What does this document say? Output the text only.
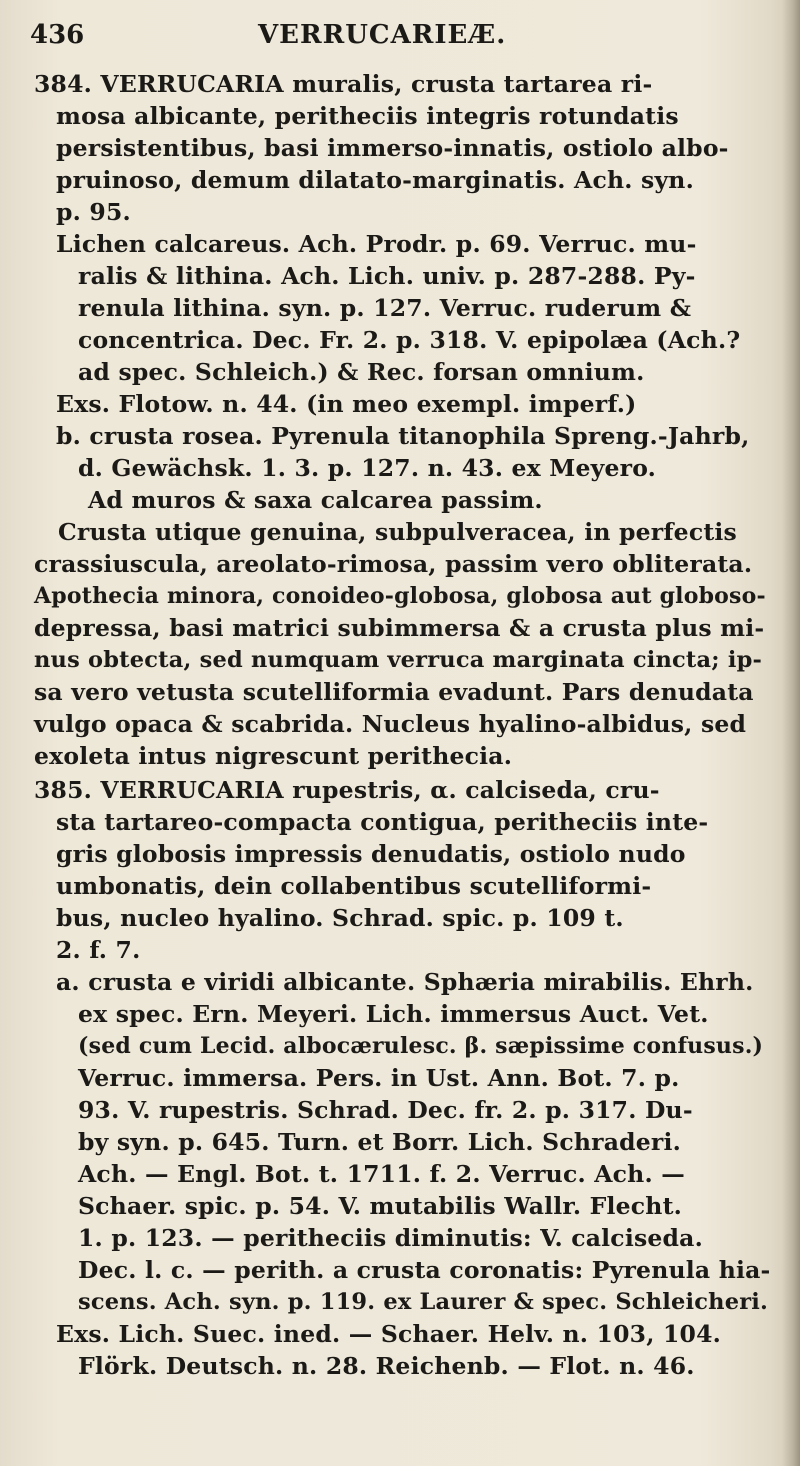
436	VERRUCARIEÆ.
384. VERRUCARIA muralis, crusta tartarea ri-
mosa albicante, peritheciis integris rotundatis
persistentibus, basi immerso-innatis, ostiolo albo-
pruinoso, demum dilatato-marginatis. Ach. syn.
p. 95.
Lichen calcareus. Ach. Prodr. p. 69. Verruc. mu-
ralis & lithina. Ach. Lich. univ. p. 287-288. Py-
renula lithina. syn. p. 127. Verruc. ruderum &
concentrica. Dec. Fr. 2. p. 318. V. epipolæa (Ach.?
ad spec. Schleich.) & Rec. forsan omnium.
Exs. Flotow. n. 44. (in meo exempl. imperf.)
b. crusta rosea. Pyrenula titanophila Spreng.-Jahrb,
d. Gewächsk. 1. 3. p. 127. n. 43. ex Meyero.
Ad muros & saxa calcarea passim.
Crusta utique genuina, subpulveracea, in perfectis
crassiuscula, areolato-rimosa, passim vero obliterata.
Apothecia minora, conoideo-globosa, globosa aut globoso-
depressa, basi matrici subimmersa & a crusta plus mi-
nus obtecta, sed numquam verruca marginata cincta; ip-
sa vero vetusta scutelliformia evadunt. Pars denudata
vulgo opaca & scabrida. Nucleus hyalino-albidus, sed
exoleta intus nigrescunt perithecia.
385. VERRUCARIA rupestris, α. calciseda, cru-
sta tartareo-compacta contigua, peritheciis inte-
gris globosis impressis denudatis, ostiolo nudo
umbonatis, dein collabentibus scutelliformi-
bus, nucleo hyalino. Schrad. spic. p. 109 t.
2. f. 7.
a. crusta e viridi albicante. Sphæria mirabilis. Ehrh.
ex spec. Ern. Meyeri. Lich. immersus Auct. Vet.
(sed cum Lecid. albocærulesc. β. sæpissime confusus.)
Verruc. immersa. Pers. in Ust. Ann. Bot. 7. p.
93. V. rupestris. Schrad. Dec. fr. 2. p. 317. Du-
by syn. p. 645. Turn. et Borr. Lich. Schraderi.
Ach. — Engl. Bot. t. 1711. f. 2. Verruc. Ach. —
Schaer. spic. p. 54. V. mutabilis Wallr. Flecht.
1. p. 123. — peritheciis diminutis: V. calciseda.
Dec. l. c. — perith. a crusta coronatis: Pyrenula hia-
scens. Ach. syn. p. 119. ex Laurer & spec. Schleicheri.
Exs. Lich. Suec. ined. — Schaer. Helv. n. 103, 104.
Flörk. Deutsch. n. 28. Reichenb. — Flot. n. 46.
